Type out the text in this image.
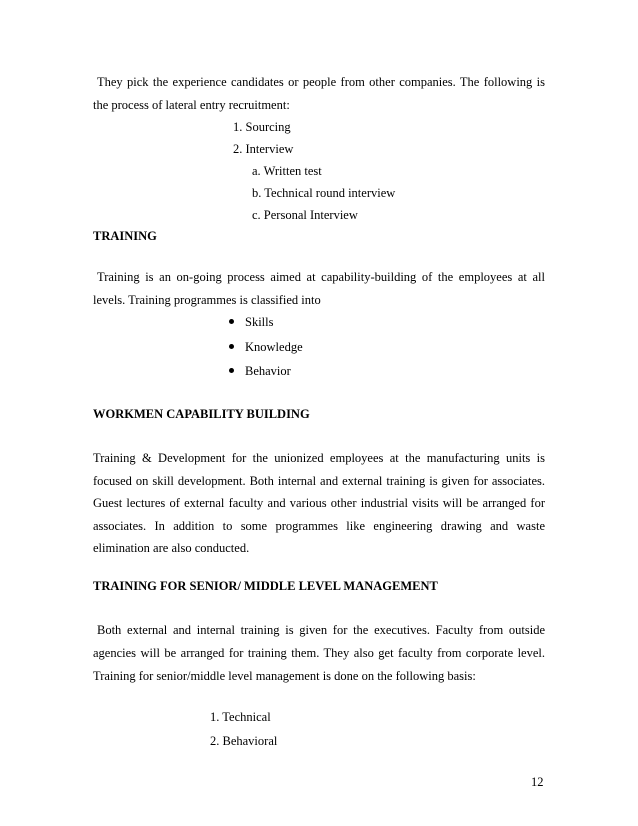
They pick the experience candidates or people from other companies. The following is
the process of lateral entry recruitment:
1. Sourcing
2. Interview
a. Written test
b. Technical round interview
c. Personal Interview
TRAINING
Training is an on-going process aimed at capability-building of the employees at all
levels. Training programmes is classified into
Skills
Knowledge
Behavior
WORKMEN CAPABILITY BUILDING
Training & Development for the unionized employees at the manufacturing units is
focused on skill development. Both internal and external training is given for associates.
Guest lectures of external faculty and various other industrial visits will be arranged for
associates. In addition to some programmes like engineering drawing and waste
elimination are also conducted.
TRAINING FOR SENIOR/ MIDDLE LEVEL MANAGEMENT
Both external and internal training is given for the executives. Faculty from outside
agencies will be arranged for training them. They also get faculty from corporate level.
Training for senior/middle level management is done on the following basis:
1. Technical
2. Behavioral
12
